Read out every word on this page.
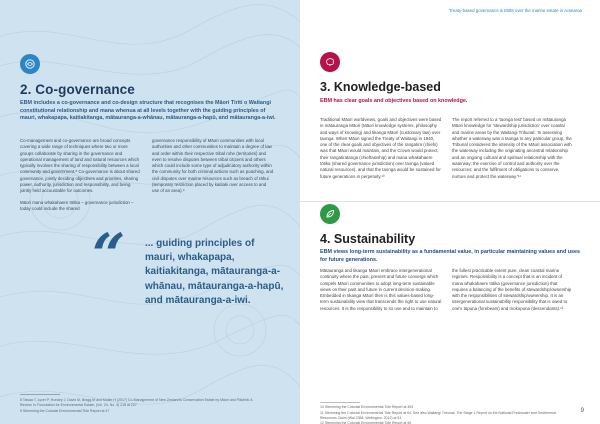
2. Co-governance
EBM includes a co-governance and co-design structure that recognises the Māori Tiriti o Waitangi constitutional relationship and mana whenua at all levels together with the guiding principles of mauri, whakapapa, kaitiakitanga, mātauranga-a-whānau, mātauranga-a-hapū, and mātauranga-a-iwi.

Co-management and co-governance are broad concepts covering a wide range of techniques where two or more groups collaborate by sharing in the governance and operational management of land and natural resources which typically involves the sharing of responsibility between a local community and government.⁸ Co-governance is about shared governance, jointly deciding objectives and priorities, sharing power, authority, jurisdiction and responsibility, and being jointly held accountable for outcomes.

Māori mana whakahaere tōtika – governance jurisdiction – today could include the shared

governance responsibility of Māori communities with local authorities and other communities to maintain a degree of law and order within their respective tribal rohe (territories) and even to resolve disputes between tribal citizens and others which could include some type of adjudicatory authority within the community for both criminal actions such as poaching, and civil disputes over marine resources such as breach of rāhui (temporary restriction placed by kaitiaki over access to and use of an area).⁹

“ ... guiding principles of mauri, whakapapa, kaitiakitanga, mātauranga-a-whānau, mātauranga-a-hapū, and mātauranga-a-iwi.

8 Tawaa T, Lyver P, Horsley J, Davis M, Bragg M and Moller H (2017) Co-Management of New Zealand's Conservation Estate by Māori and Pākehā: A Review. In Foundation for Environmental Estate, (Vol. 24, No. 3) 218 at 227

9 Stemming the Colonial Environmental Tide Report at 47

Treaty-based governance & EBM over the marine estate in Aotearoa
3. Knowledge-based
EBM has clear goals and objectives based on knowledge.

Traditional Māori worldviews, goals and objectives were based in mātauranga Māori (Māori knowledge systems, philosophy and ways of knowing) and tikanga Māori (customary law) over taonga. When Māori signed the Treaty of Waitangi in 1840, one of the clear goals and objectives of the rangatira (chiefs) was that Māori would maintain, and the Crown would protect, their rangatiratanga (chieftainship) and mana whakahaere tōtika (shared governance jurisdiction) over taonga (valued natural resources), and that the taonga would be sustained for future generations in perpetuity.¹⁰

The report referred to a 'taonga test' based on mātauranga Māori knowledge for 'stewardship jurisdiction' over coastal and marine areas by the Waitangi Tribunal: 'In assessing whether a waterway was a taonga to any particular group, the Tribunal considered the intensity of the Māori association with the waterway including the originating ancestral relationship and an ongoing cultural and spiritual relationship with the waterway; the exercise of control and authority over the resources; and the fulfilment of obligations to conserve, nurture and protect the waterway.'¹¹

4. Sustainability
EBM views long-term sustainability as a fundamental value, in particular maintaining values and uses for future generations.

Mātauranga and tikanga Māori embrace intergenerational continuity where the past, present and future converge which compels Māori communities to adopt long-term sustainable views on their past and future in current decision-making. Embedded in tikanga Māori then is this values-based long-term sustainability view that transcends the right to use natural resources. It is the responsibility to so use and to maintain to

the fullest practicable extent pure, clean coastal marine regimes. Responsibility is a concept that is an incident of mana whakahaere tōtika (governance jurisdiction) that requires a balancing of the benefits of stewardship/ownership with the responsibilities of stewardship/ownership. It is an intergenerational sustainability responsibility that is owed to one's tūpuna (forebears) and mokopuna (descendants).¹²

10 Stemming the Colonial Environmental Tide Report at 493

11 Stemming the Colonial Environmental Tide Report at 64. See also Waitangi Tribunal, The Stage 1 Report on the National Freshwater and Geothermal Resources Claim (Wai 2358, Wellington, 2012) at 51

12 Stemming the Colonial Environmental Tide Report at 50

9
